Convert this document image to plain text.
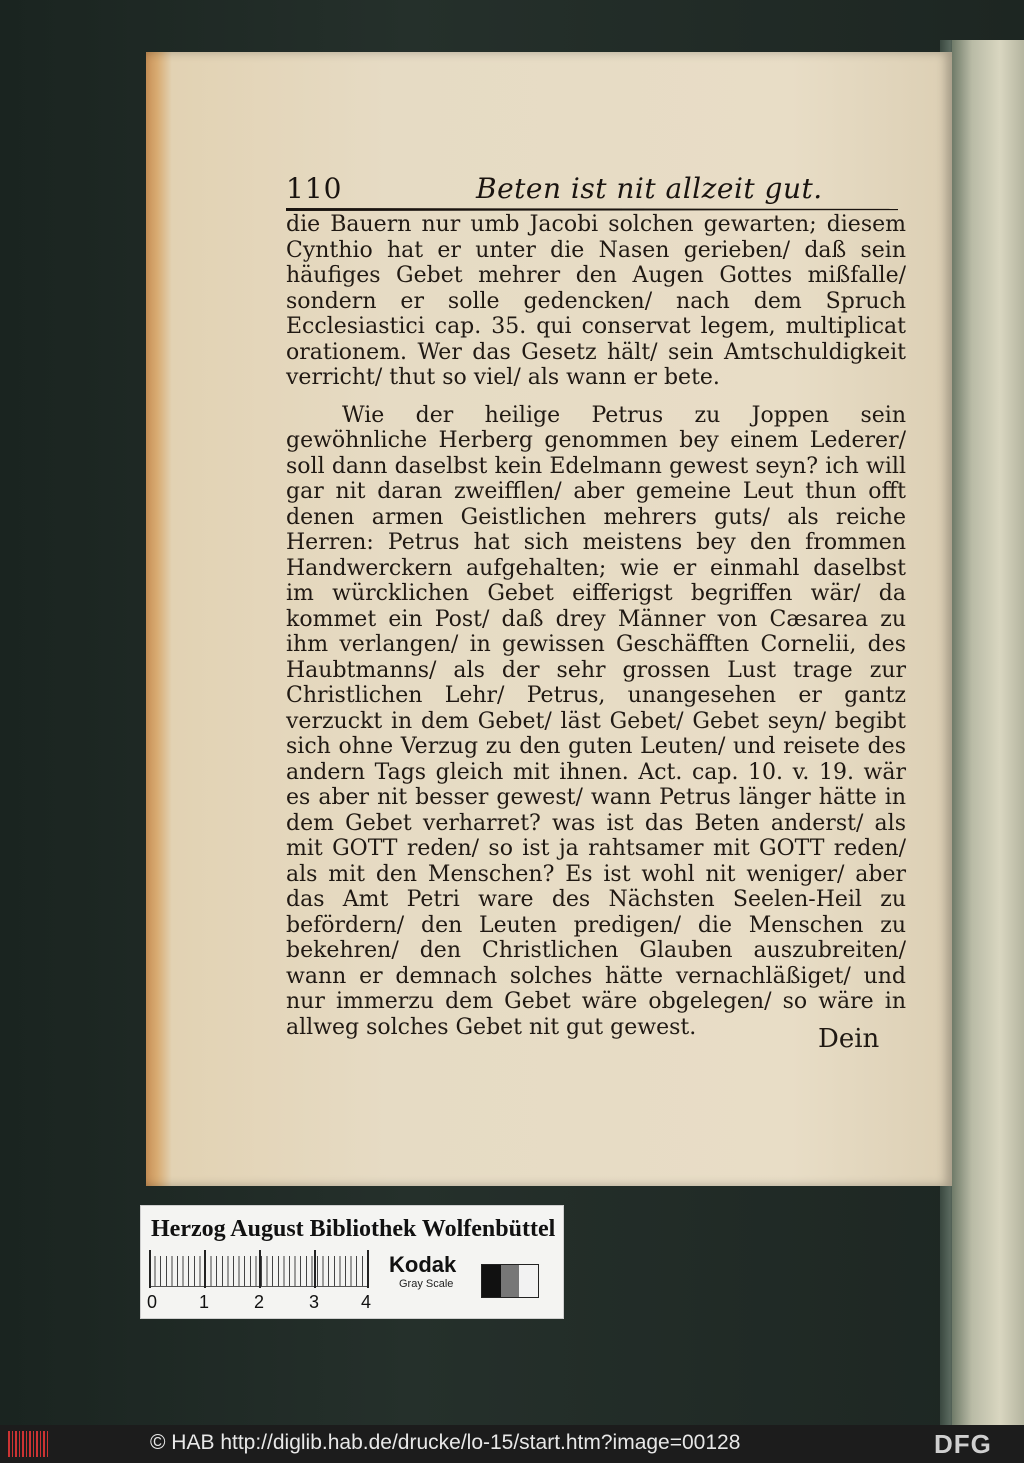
110	Beten ist nit allzeit gut.

die Bauern nur umb Jacobi solchen gewarten; diesem Cynthio hat er unter die Nasen gerieben/ daß sein häufiges Gebet mehrer den Augen Gottes mißfalle/ sondern er solle gedencken/ nach dem Spruch Ecclesiastici cap. 35. qui conservat legem, multiplicat orationem. Wer das Gesetz hält/ sein Amtschuldigkeit verricht/ thut so viel/ als wann er bete.

Wie der heilige Petrus zu Joppen sein gewöhnliche Herberg genommen bey einem Lederer/ soll dann daselbst kein Edelmann gewest seyn? ich will gar nit daran zweifflen/ aber gemeine Leut thun offt denen armen Geistlichen mehrers guts/ als reiche Herren: Petrus hat sich meistens bey den frommen Handwerckern aufgehalten; wie er einmahl daselbst im würcklichen Gebet eifferigst begriffen wär/ da kommet ein Post/ daß drey Männer von Cæsarea zu ihm verlangen/ in gewissen Geschäfften Cornelii, des Haubtmanns/ als der sehr grossen Lust trage zur Christlichen Lehr/ Petrus, unangesehen er gantz verzuckt in dem Gebet/ läst Gebet/ Gebet seyn/ begibt sich ohne Verzug zu den guten Leuten/ und reisete des andern Tags gleich mit ihnen. Act. cap. 10. v. 19. wär es aber nit besser gewest/ wann Petrus länger hätte in dem Gebet verharret? was ist das Beten anderst/ als mit GOTT reden/ so ist ja rahtsamer mit GOTT reden/ als mit den Menschen? Es ist wohl nit weniger/ aber das Amt Petri ware des Nächsten Seelen-Heil zu befördern/ den Leuten predigen/ die Menschen zu bekehren/ den Christlichen Glauben auszubreiten/ wann er demnach solches hätte vernachläßiget/ und nur immerzu dem Gebet wäre obgelegen/ so wäre in allweg solches Gebet nit gut gewest.	Dein
Herzog August Bibliothek Wolfenbüttel
0 1 2 3 4
Kodak
Gray Scale
© HAB http://diglib.hab.de/drucke/lo-15/start.htm?image=00128	DFG
